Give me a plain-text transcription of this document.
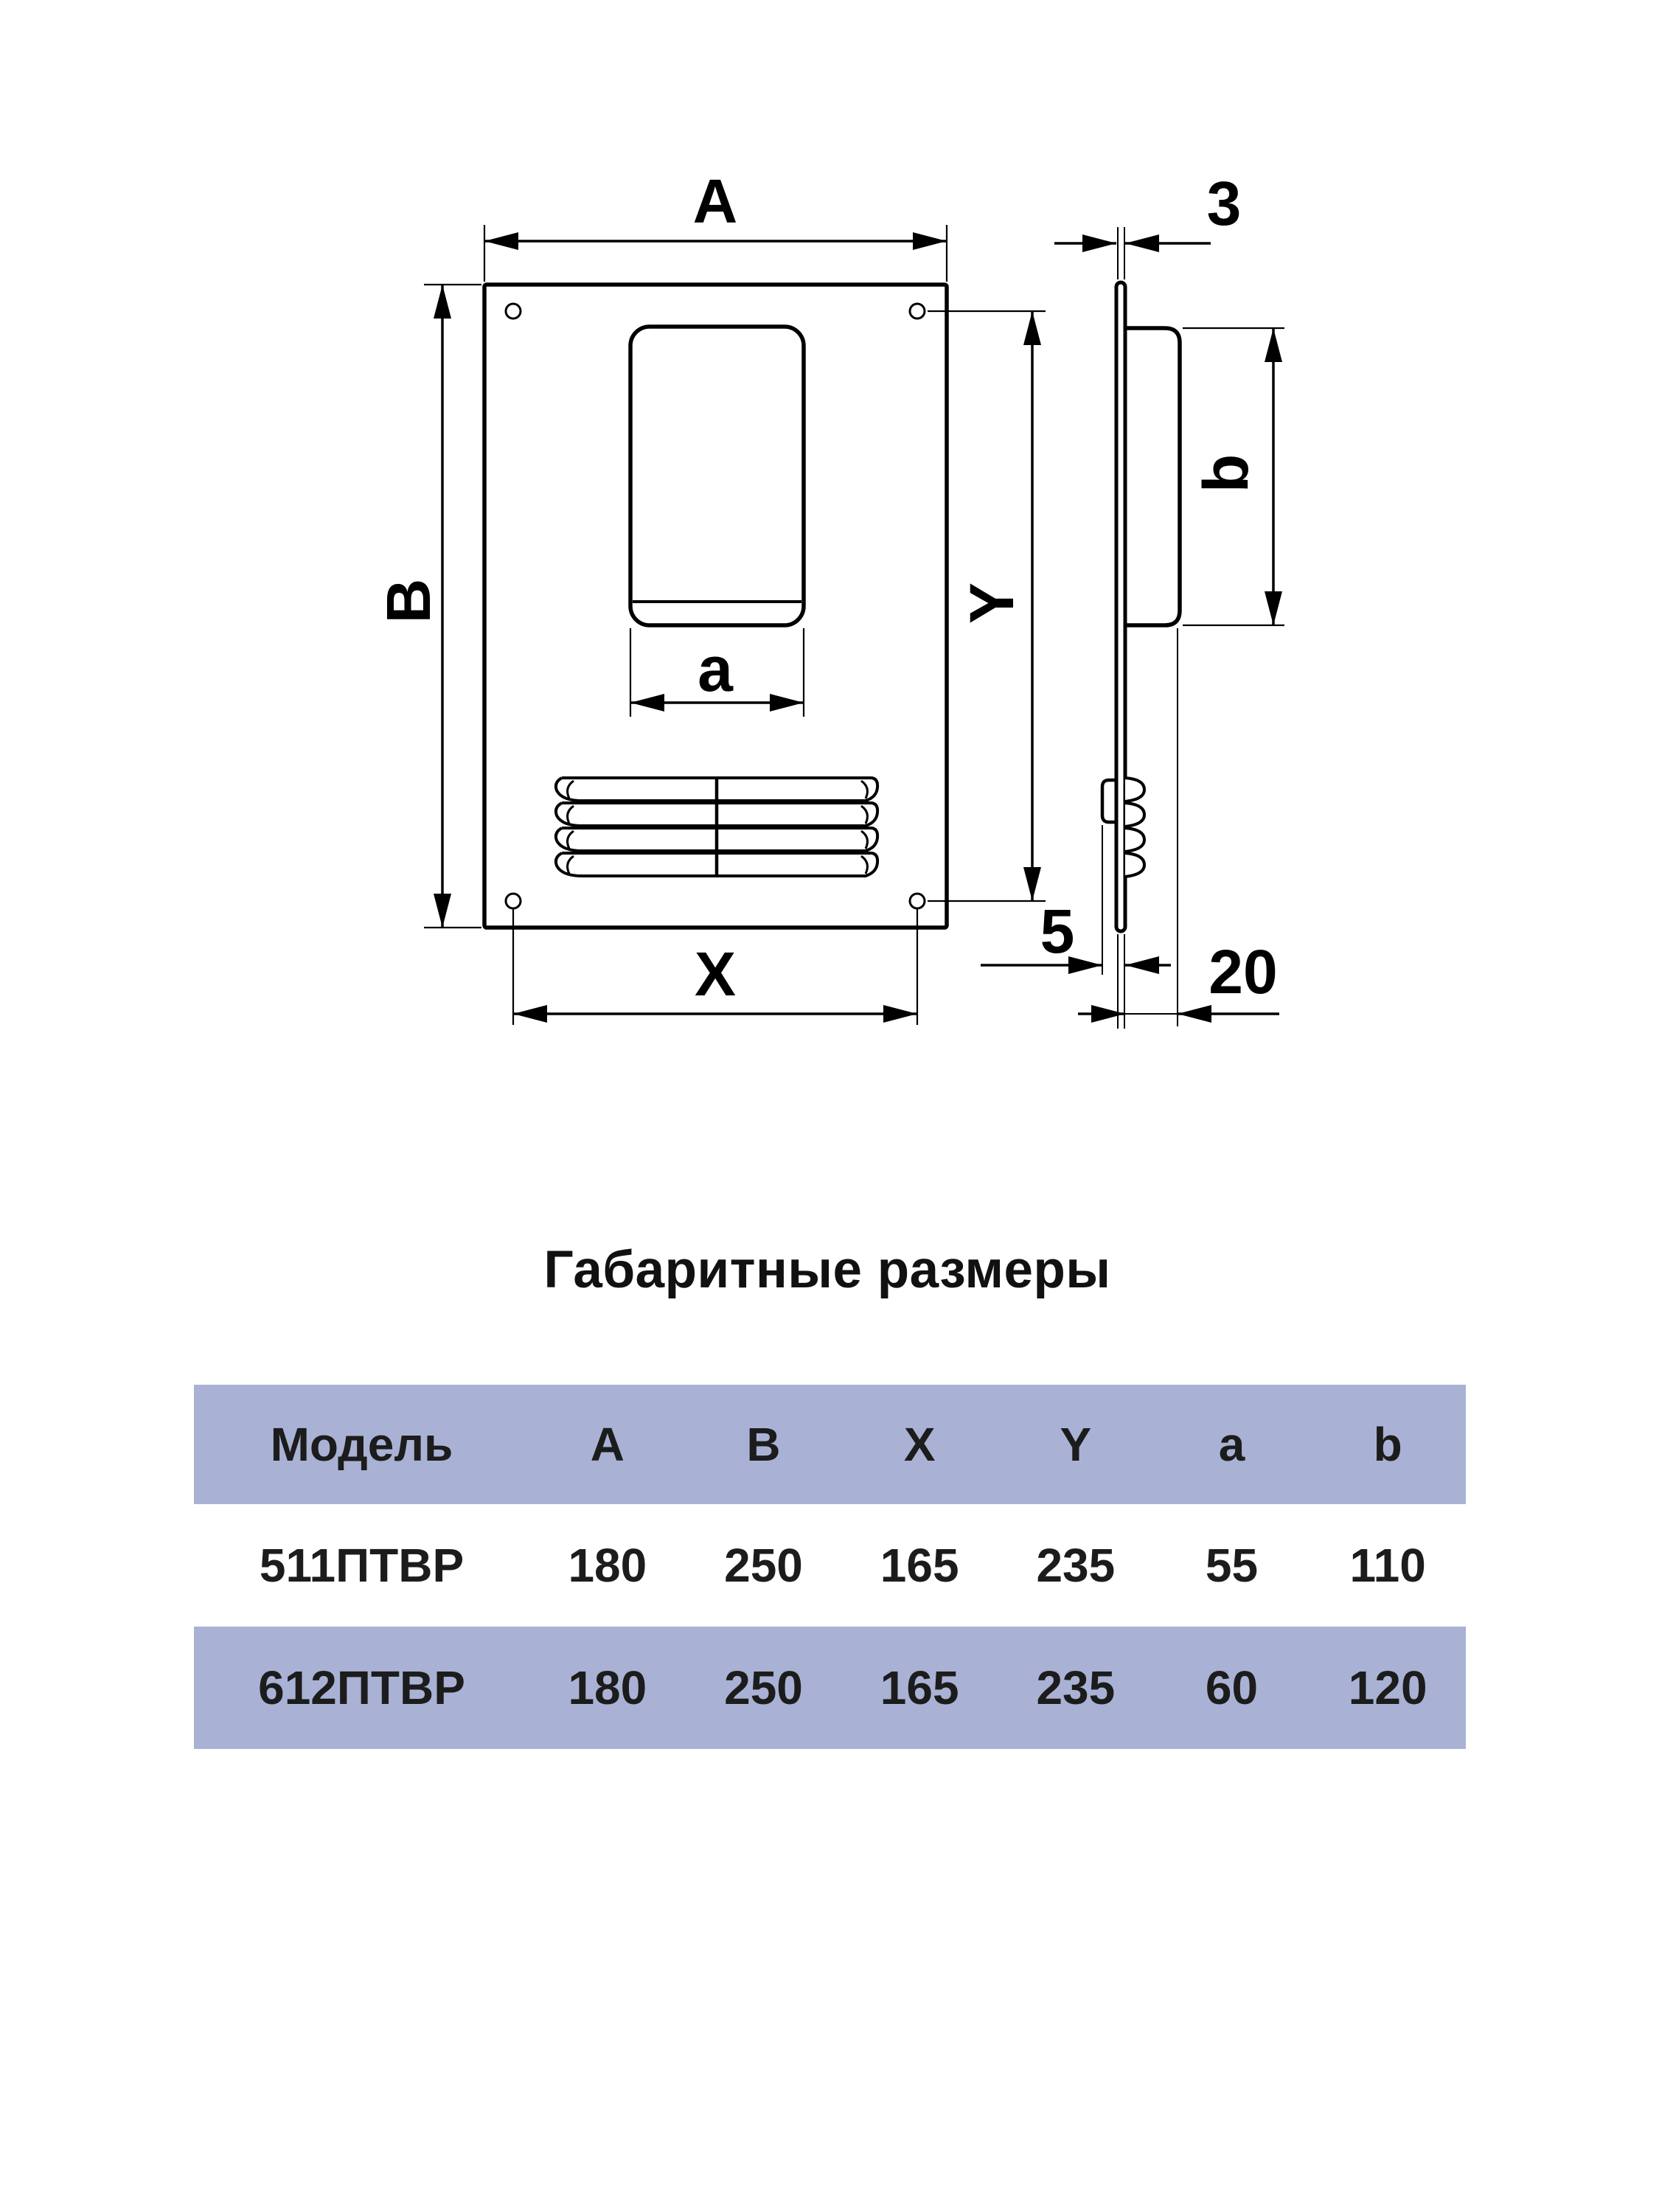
A
B	Y
a
X
3
b
5
20
Габаритные размеры
Модель	A	B	X	Y	a	b
511ПТВР	180	250	165	235	55	110
612ПТВР	180	250	165	235	60	120
